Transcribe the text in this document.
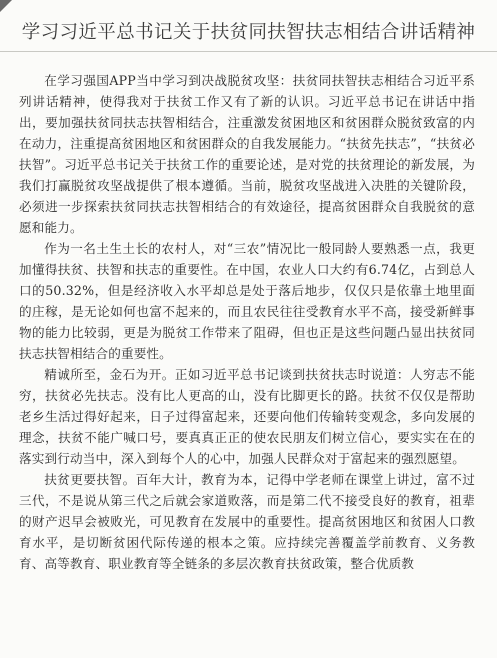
学习习近平总书记关于扶贫同扶智扶志相结合讲话精神

在学习强国APP当中学习到决战脱贫攻坚：扶贫同扶智扶志相结合习近平系列讲话精神，使得我对于扶贫工作又有了新的认识。习近平总书记在讲话中指出，要加强扶贫同扶志扶智相结合，注重激发贫困地区和贫困群众脱贫致富的内在动力，注重提高贫困地区和贫困群众的自我发展能力。“扶贫先扶志”，“扶贫必扶智”。习近平总书记关于扶贫工作的重要论述，是对党的扶贫理论的新发展，为我们打赢脱贫攻坚战提供了根本遵循。当前，脱贫攻坚战进入决胜的关键阶段，必须进一步探索扶贫同扶志扶智相结合的有效途径，提高贫困群众自我脱贫的意愿和能力。

作为一名土生土长的农村人，对“三农”情况比一般同龄人要熟悉一点，我更加懂得扶贫、扶智和扶志的重要性。在中国，农业人口大约有6.74亿，占到总人口的50.32%，但是经济收入水平却总是处于落后地步，仅仅只是依靠土地里面的庄稼，是无论如何也富不起来的，而且农民往往受教育水平不高，接受新鲜事物的能力比较弱，更是为脱贫工作带来了阻碍，但也正是这些问题凸显出扶贫同扶志扶智相结合的重要性。

精诚所至，金石为开。正如习近平总书记谈到扶贫扶志时说道：人穷志不能穷，扶贫必先扶志。没有比人更高的山，没有比脚更长的路。扶贫不仅仅是帮助老乡生活过得好起来，日子过得富起来，还要向他们传输转变观念，多向发展的理念，扶贫不能广喊口号，要真真正正的使农民朋友们树立信心，要实实在在的落实到行动当中，深入到每个人的心中，加强人民群众对于富起来的强烈愿望。

扶贫更要扶智。百年大计，教育为本，记得中学老师在课堂上讲过，富不过三代，不是说从第三代之后就会家道败落，而是第二代不接受良好的教育，祖辈的财产迟早会被败光，可见教育在发展中的重要性。提高贫困地区和贫困人口教育水平，是切断贫困代际传递的根本之策。应持续完善覆盖学前教育、义务教育、高等教育、职业教育等全链条的多层次教育扶贫政策，整合优质教
